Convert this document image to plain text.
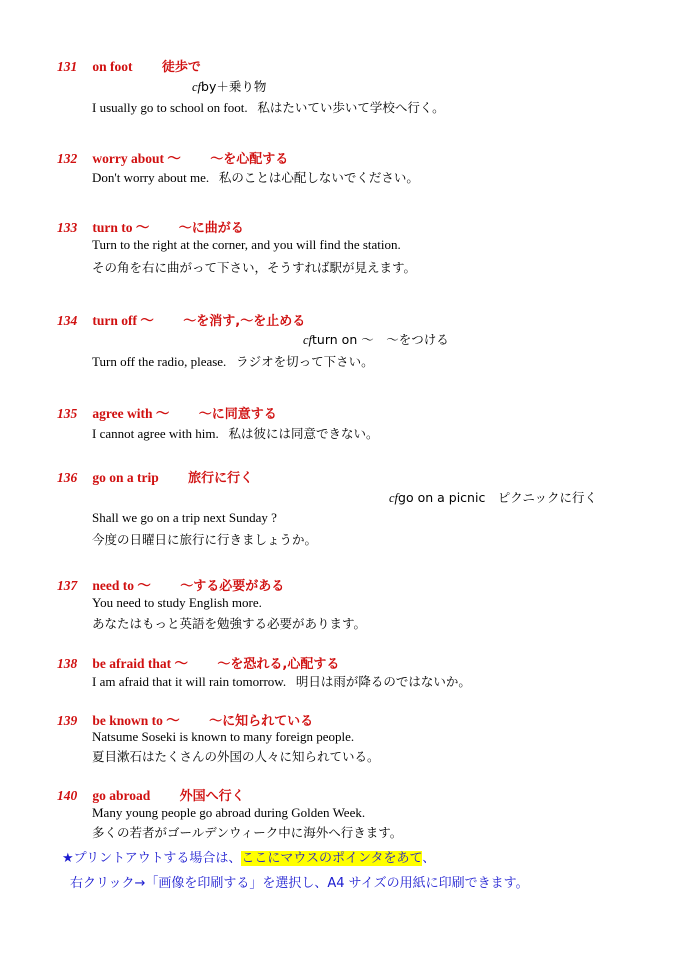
131 on foot 徒歩で
cfby＋乗り物
I usually go to school on foot. 私はたいてい歩いて学校へ行く。
132 worry about 〜 〜を心配する
Don't worry about me. 私のことは心配しないでください。
133 turn to 〜 〜に曲がる
Turn to the right at the corner, and you will find the station.
その角を右に曲がって下さい，そうすれば駅が見えます。
134 turn off 〜 〜を消す,〜を止める
cfturn on 〜　〜をつける
Turn off the radio, please. ラジオを切って下さい。
135 agree with 〜 〜に同意する
I cannot agree with him. 私は彼には同意できない。
136 go on a trip 旅行に行く
cfgo on a picnic　ピクニックに行く
Shall we go on a trip next Sunday ?
今度の日曜日に旅行に行きましょうか。
137 need to 〜 〜する必要がある
You need to study English more.
あなたはもっと英語を勉強する必要があります。
138 be afraid that 〜 〜を恐れる,心配する
I am afraid that it will rain tomorrow. 明日は雨が降るのではないか。
139 be known to 〜 〜に知られている
Natsume Soseki is known to many foreign people.
夏目漱石はたくさんの外国の人々に知られている。
140 go abroad 外国へ行く
Many young people go abroad during Golden Week.
多くの若者がゴールデンウィーク中に海外へ行きます。
★プリントアウトする場合は、ここにマウスのポインタをあて、
右クリック→「画像を印刷する」を選択し、A4 サイズの用紙に印刷できます。
